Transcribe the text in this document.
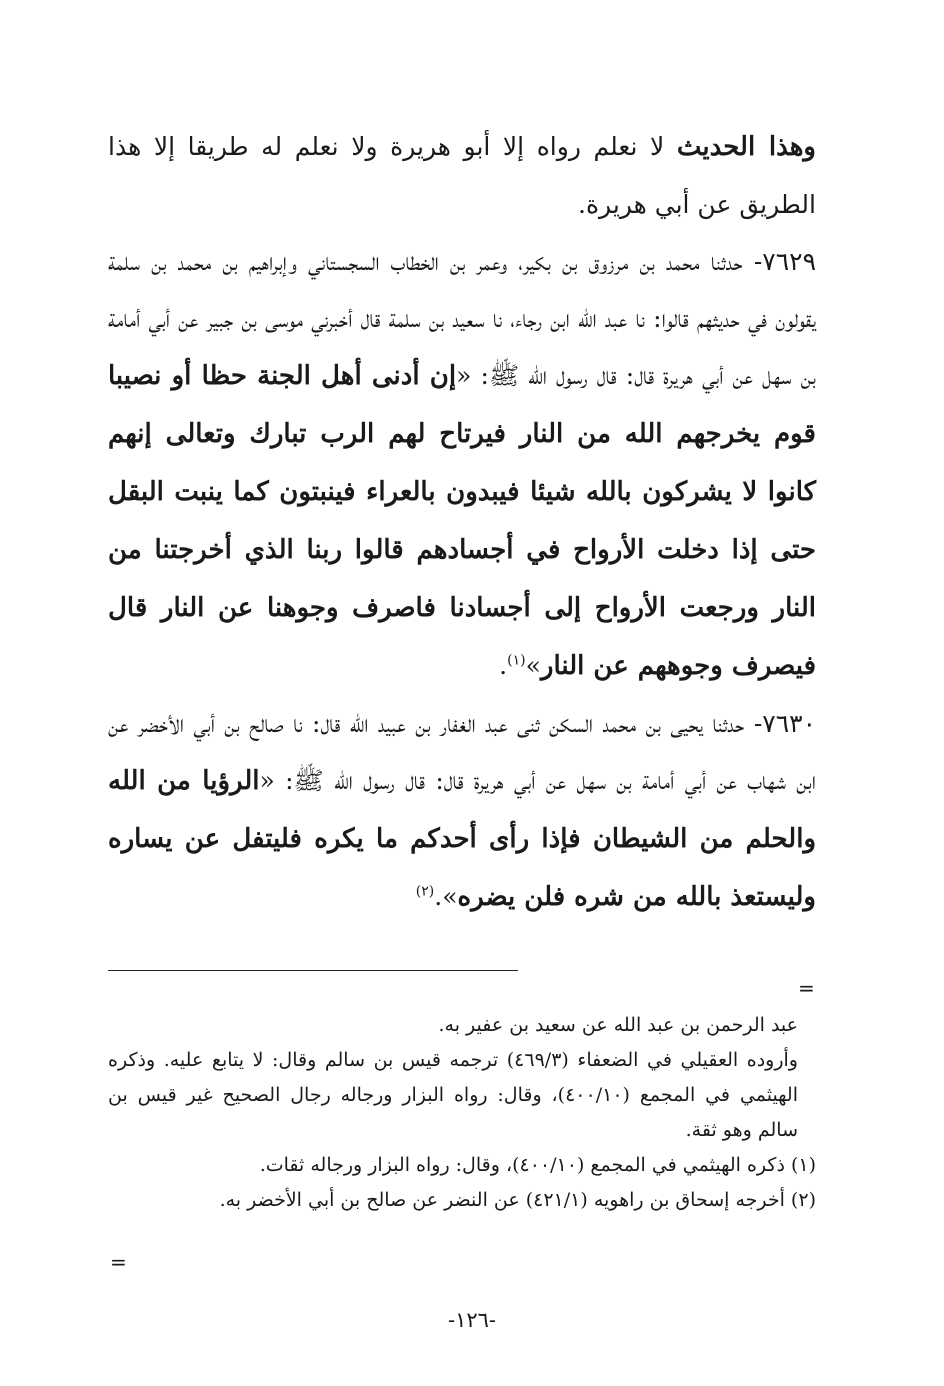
وهذا الحديث لا نعلم رواه إلا أبو هريرة ولا نعلم له طريقا إلا هذا الطريق عن أبي هريرة.

٧٦٢٩- حدثنا محمد بن مرزوق بن بكير، وعمر بن الخطاب السجستاني وإبراهيم بن محمد بن سلمة يقولون في حديثهم قالوا: نا عبد الله ابن رجاء، نا سعيد بن سلمة قال أخبرني موسى بن جبير عن أبي أمامة بن سهل عن أبي هريرة قال: قال رسول الله ﷺ: «إن أدنى أهل الجنة حظا أو نصيبا قوم يخرجهم الله من النار فيرتاح لهم الرب تبارك وتعالى إنهم كانوا لا يشركون بالله شيئا فيبدون بالعراء فينبتون كما ينبت البقل حتى إذا دخلت الأرواح في أجسادهم قالوا ربنا الذي أخرجتنا من النار ورجعت الأرواح إلى أجسادنا فاصرف وجوهنا عن النار قال فيصرف وجوههم عن النار»$^{(١)}$.

٧٦٣٠- حدثنا يحيى بن محمد السكن ثنى عبد الغفار بن عبيد الله قال: نا صالح بن أبي الأخضر عن ابن شهاب عن أبي أمامة بن سهل عن أبي هريرة قال: قال رسول الله ﷺ: «الرؤيا من الله والحلم من الشيطان فإذا رأى أحدكم ما يكره فليتفل عن يساره وليستعذ بالله من شره فلن يضره».$^{(٢)}$

=

عبد الرحمن بن عبد الله عن سعيد بن عفير به.

وأروده العقيلي في الضعفاء (٤٦٩/٣) ترجمه قيس بن سالم وقال: لا يتابع عليه. وذكره الهيثمي في المجمع (٤٠٠/١٠)، وقال: رواه البزار ورجاله رجال الصحيح غير قيس بن سالم وهو ثقة.

(١) ذكره الهيثمي في المجمع (٤٠٠/١٠)، وقال: رواه البزار ورجاله ثقات.

(٢) أخرجه إسحاق بن راهويه (٤٢١/١) عن النضر عن صالح بن أبي الأخضر به.

=
-١٢٦-
